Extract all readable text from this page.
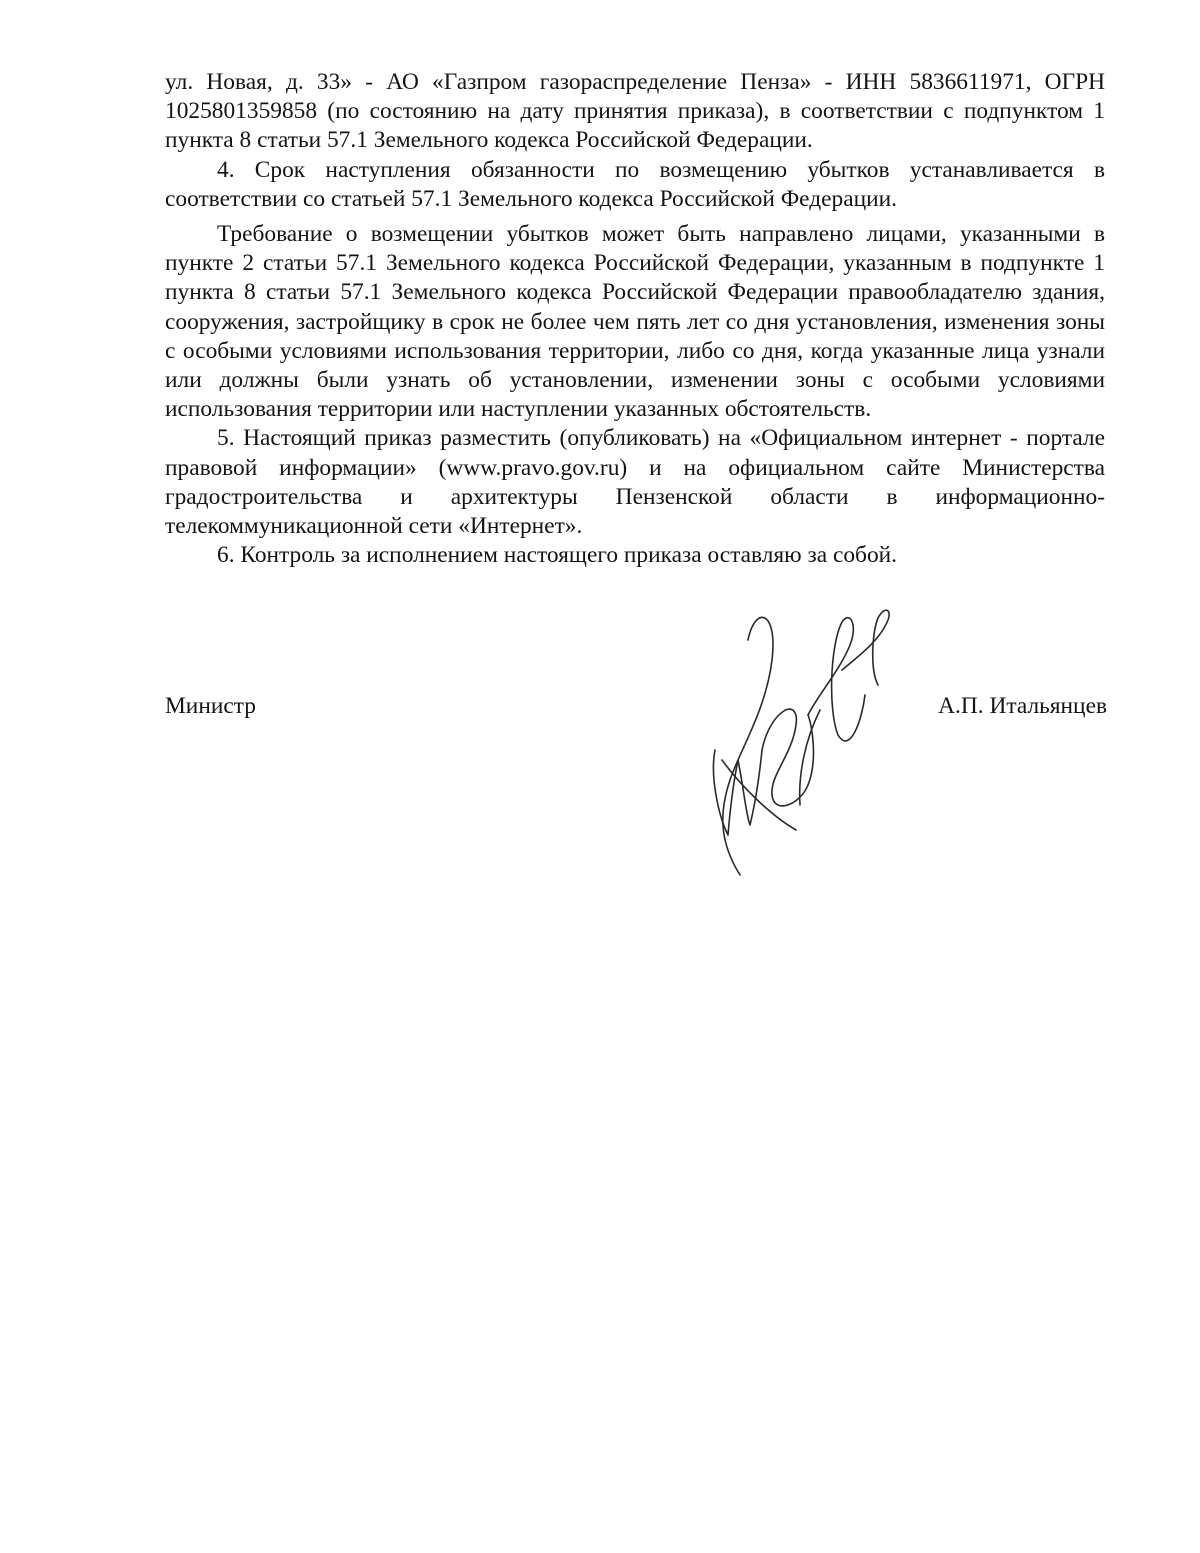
ул. Новая, д. 33» - АО «Газпром газораспределение Пенза» - ИНН 5836611971, ОГРН 1025801359858 (по состоянию на дату принятия приказа), в соответствии с подпунктом 1 пункта 8 статьи 57.1 Земельного кодекса Российской Федерации.

4. Срок наступления обязанности по возмещению убытков устанавливается в соответствии со статьей 57.1 Земельного кодекса Российской Федерации.

Требование о возмещении убытков может быть направлено лицами, указанными в пункте 2 статьи 57.1 Земельного кодекса Российской Федерации, указанным в подпункте 1 пункта 8 статьи 57.1 Земельного кодекса Российской Федерации правообладателю здания, сооружения, застройщику в срок не более чем пять лет со дня установления, изменения зоны с особыми условиями использования территории, либо со дня, когда указанные лица узнали или должны были узнать об установлении, изменении зоны с особыми условиями использования территории или наступлении указанных обстоятельств.

5. Настоящий приказ разместить (опубликовать) на «Официальном интернет - портале правовой информации» (www.pravo.gov.ru) и на официальном сайте Министерства градостроительства и архитектуры Пензенской области в информационно-телекоммуникационной сети «Интернет».

6. Контроль за исполнением настоящего приказа оставляю за собой.

Министр	А.П. Итальянцев
